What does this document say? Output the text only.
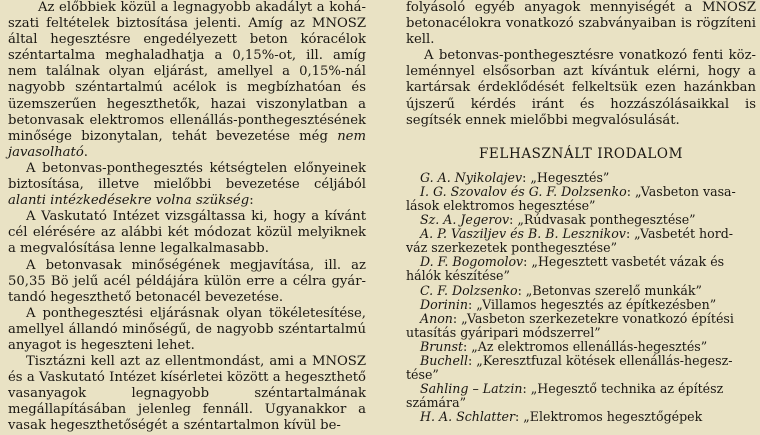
Az előbbiek közül a legnagyobb akadályt a kohászati feltételek biztosítása jelenti. Amíg az MNOSZ által hegesztésre engedélyezett beton kóracélok széntartalma meghaladhatja a 0,15%-ot, ill. amíg nem találnak olyan eljárást, amellyel a 0,15%-nál nagyobb széntartalmú acélok is megbízhatóan és üzemszerűen hegeszthetők, hazai viszonylatban a betonvasak elektromos ellenállás-ponthegesztésének minősége bizonytalan, tehát bevezetése még nem javasolható.

A betonvas-ponthegesztés kétségtelen előnyeinek biztosítása, illetve mielőbbi bevezetése céljából alanti intézkedésekre volna szükség:

A Vaskutató Intézet vizsgáltassa ki, hogy a kívánt cél elérésére az alábbi két módozat közül melyiknek a megvalósítása lenne legalkalmasabb.

A betonvasak minőségének megjavítása, ill. az 50,35 Bö jelű acél példájára külön erre a célra gyártandó hegeszthető betonacél bevezetése.

A ponthegesztési eljárásnak olyan tökéletesítése, amellyel állandó minőségű, de nagyobb széntartalmú anyagot is hegeszteni lehet.

Tisztázni kell azt az ellentmondást, ami a MNOSZ és a Vaskutató Intézet kísérletei között a hegeszthető vasanyagok legnagyobb széntartalmának megállapításában jelenleg fennáll. Ugyanakkor a vasak hegeszthetőségét a széntartalmon kívül be-

folyásoló egyéb anyagok mennyiségét a MNOSZ betonacélokra vonatkozó szabványaiban is rögzíteni kell.

A betonvas-ponthegesztésre vonatkozó fenti közleménnyel elsősorban azt kívántuk elérni, hogy a kartársak érdeklődését felkeltsük ezen hazánkban újszerű kérdés iránt és hozzászólásaikkal is segítsék ennek mielőbbi megvalósulását.

FELHASZNÁLT IRODALOM

G. A. Nyikolajev: „Hegesztés”

I. G. Szovalov és G. F. Dolzsenko: „Vasbeton vasa-
lások elektromos hegesztése”

Sz. A. Jegerov: „Rúdvasak ponthegesztése”

A. P. Vasziljev és B. B. Lesznikov: „Vasbetét hord-
váz szerkezetek ponthegesztése”

D. F. Bogomolov: „Hegesztett vasbetét vázak és
hálók készítése”

C. F. Dolzsenko: „Betonvas szerelő munkák”

Dorinin: „Villamos hegesztés az építkezésben”

Anon: „Vasbeton szerkezetekre vonatkozó építési
utasítás gyáripari módszerrel”

Brunst: „Az elektromos ellenállás-hegesztés”

Buchell: „Keresztfuzal kötések ellenállás-hegesz-
tése”

Sahling – Latzin: „Hegesztő technika az építész
számára”

H. A. Schlatter: „Elektromos hegesztőgépek
